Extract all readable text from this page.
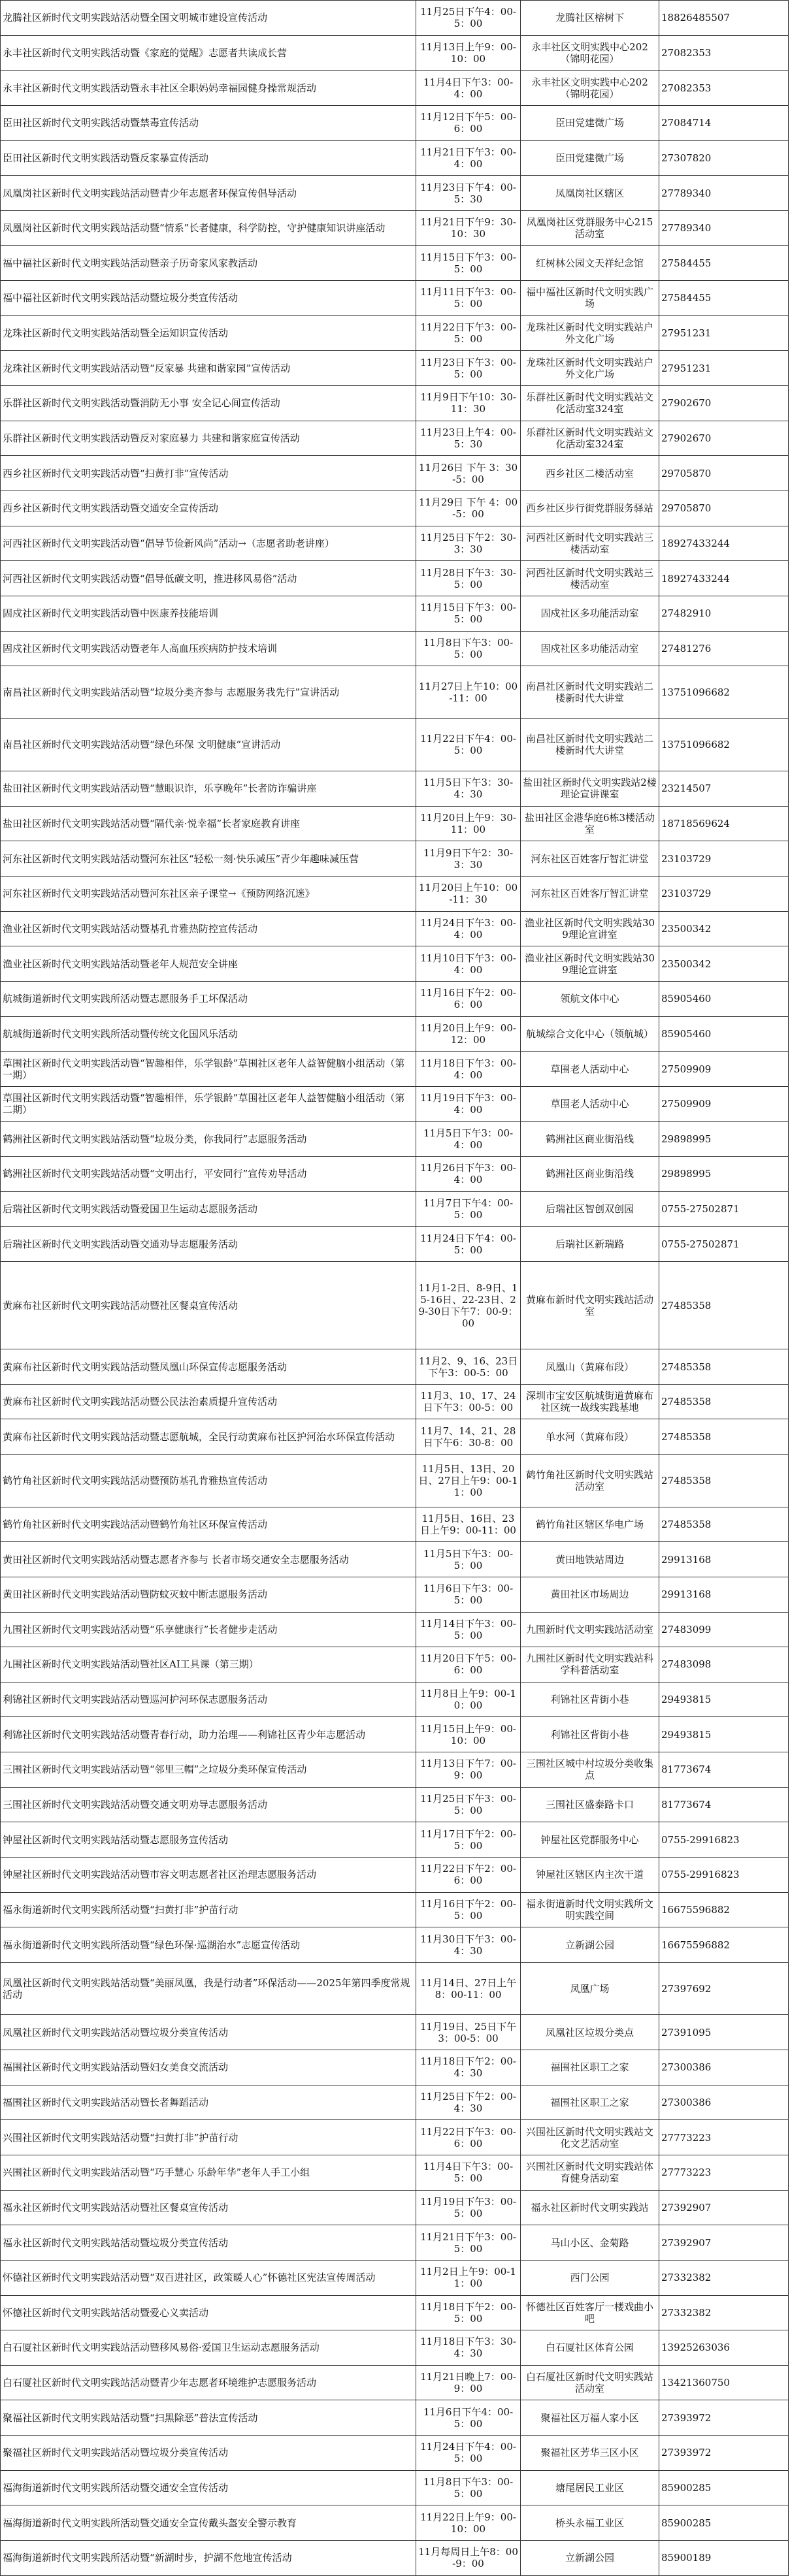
龙腾社区新时代文明实践站活动暨全国文明城市建设宣传活动	11月25日下午4：00-5：00	龙腾社区榕树下	18826485507
永丰社区新时代文明实践活动暨《家庭的觉醒》志愿者共读成长营	11月13日上午9：00-10：00	永丰社区文明实践中心202（锦明花园）	27082353
永丰社区新时代文明实践活动暨永丰社区全职妈妈幸福园健身操常规活动	11月4日下午3：00-4：00	永丰社区文明实践中心202（锦明花园）	27082353
臣田社区新时代文明实践活动暨禁毒宣传活动	11月12日下午5：00-6：00	臣田党建微广场	27084714
臣田社区新时代文明实践活动暨反家暴宣传活动	11月21日下午3：00-4：00	臣田党建微广场	27307820
凤凰岗社区新时代文明实践站活动暨青少年志愿者环保宣传倡导活动	11月23日下午4：00-5：30	凤凰岗社区辖区	27789340
凤凰岗社区新时代文明实践站活动暨“情系”长者健康，科学防控，守护健康知识讲座活动	11月21日下午9：30-10：30	凤凰岗社区党群服务中心215活动室	27789340
福中福社区新时代文明实践站活动暨亲子历奇家风家教活动	11月15日下午3：00-5：00	红树林公园文天祥纪念馆	27584455
福中福社区新时代文明实践站活动暨垃圾分类宣传活动	11月11日下午3：00-5：00	福中福社区新时代文明实践广场	27584455
龙珠社区新时代文明实践站活动暨全运知识宣传活动	11月22日下午3：00-5：00	龙珠社区新时代文明实践站户外文化广场	27951231
龙珠社区新时代文明实践站活动暨“反家暴 共建和谐家园”宣传活动	11月23日下午3：00-5：00	龙珠社区新时代文明实践站户外文化广场	27951231
乐群社区新时代文明实践活动暨消防无小事 安全记心间宣传活动	11月9日下午10：30-11：30	乐群社区新时代文明实践站文化活动室324室	27902670
乐群社区新时代文明实践活动暨反对家庭暴力 共建和谐家庭宣传活动	11月23日上午4：00-5：30	乐群社区新时代文明实践站文化活动室324室	27902670
西乡社区新时代文明实践活动暨“扫黄打非”宣传活动	11月26日 下午 3：30-5：00	西乡社区二楼活动室	29705870
西乡社区新时代文明实践活动暨交通安全宣传活动	11月29日 下午 4：00-5：00	西乡社区步行街党群服务驿站	29705870
河西社区新时代文明实践活动暨“倡导节俭新风尚”活动→（志愿者助老讲座）	11月25日下午2：30-3：30	河西社区新时代文明实践站三楼活动室	18927433244
河西社区新时代文明实践活动暨“倡导低碳文明，推进移风易俗”活动	11月28日下午3：30-5：00	河西社区新时代文明实践站三楼活动室	18927433244
固戍社区新时代文明实践活动暨中医康养技能培训	11月15日下午3：00-5：00	固戍社区多功能活动室	27482910
固戍社区新时代文明实践活动暨老年人高血压疾病防护技术培训	11月8日下午3：00-5：00	固戍社区多功能活动室	27481276
南昌社区新时代文明实践站活动暨“垃圾分类齐参与 志愿服务我先行”宣讲活动	11月27日上午10：00-11：00	南昌社区新时代文明实践站二楼新时代大讲堂	13751096682
南昌社区新时代文明实践站活动暨“绿色环保 文明健康”宣讲活动	11月22日下午4：00-5：00	南昌社区新时代文明实践站二楼新时代大讲堂	13751096682
盐田社区新时代文明实践站活动暨“慧眼识诈，乐享晚年”长者防诈骗讲座	11月5日下午3：30-4：30	盐田社区新时代文明实践站2楼理论宣讲课室	23214507
盐田社区新时代文明实践站活动暨“隔代亲·悦幸福”长者家庭教育讲座	11月20日上午9：30-11：00	盐田社区金港华庭6栋3楼活动室	18718569624
河东社区新时代文明实践站活动暨河东社区“轻松一刻·快乐减压”青少年趣味减压营	11月9日下午2：30-3：30	河东社区百姓客厅智汇讲堂	23103729
河东社区新时代文明实践站活动暨河东社区亲子课堂→《预防网络沉迷》	11月20日上午10：00-11：30	河东社区百姓客厅智汇讲堂	23103729
渔业社区新时代文明实践站活动暨基孔肯雅热防控宣传活动	11月24日下午3：00-4：00	渔业社区新时代文明实践站309理论宣讲室	23500342
渔业社区新时代文明实践站活动暨老年人规范安全讲座	11月10日下午3：00-4：00	渔业社区新时代文明实践站309理论宣讲室	23500342
航城街道新时代文明实践所活动暨志愿服务手工坏保活动	11月16日下午2：00-6：00	领航文体中心	85905460
航城街道新时代文明实践所活动暨传统文化国风乐活动	11月20日上午9：00-12：00	航城综合文化中心（领航城）	85905460
草围社区新时代文明实践活动暨“智趣相伴，乐学银龄”草围社区老年人益智健脑小组活动（第一期）	11月18日下午3：00-4：00	草围老人活动中心	27509909
草围社区新时代文明实践活动暨“智趣相伴，乐学银龄”草围社区老年人益智健脑小组活动（第二期）	11月19日下午3：00-4：00	草围老人活动中心	27509909
鹤洲社区新时代文明实践站活动暨“垃圾分类，你我同行”志愿服务活动	11月5日下午3：00-4：00	鹤洲社区商业街沿线	29898995
鹤洲社区新时代文明实践站活动暨“文明出行，平安同行”宣传劝导活动	11月26日下午3：00-4：00	鹤洲社区商业街沿线	29898995
后瑞社区新时代文明实践活动暨爱国卫生运动志愿服务活动	11月7日下午4：00-5：00	后瑞社区智创双创园	0755-27502871
后瑞社区新时代文明实践活动暨交通劝导志愿服务活动	11月24日下午4：00-5：00	后瑞社区新瑞路	0755-27502871
黄麻布社区新时代文明实践站活动暨社区餐桌宣传活动	11月1-2日、8-9日、15-16日、22-23日、29-30日下午7：00-9：00	黄麻布新时代文明实践站活动室	27485358
黄麻布社区新时代文明实践站活动暨凤凰山环保宣传志愿服务活动	11月2、9、16、23日下午3：00-5：00	凤凰山（黄麻布段）	27485358
黄麻布社区新时代文明实践站活动暨公民法治素质提升宣传活动	11月3、10、17、24日下午3：00-5：00	深圳市宝安区航城街道黄麻布社区统一战线实践基地	27485358
黄麻布社区新时代文明实践站活动暨志愿航城，全民行动黄麻布社区护河治水环保宣传活动	11月7、14、21、28日下午6：30-8：00	单水河（黄麻布段）	27485358
鹤竹角社区新时代文明实践站活动暨预防基孔肯雅热宣传活动	11月5日、13日、20日、27日上午9：00-11：00	鹤竹角社区新时代文明实践站活动室	27485358
鹤竹角社区新时代文明实践站活动暨鹤竹角社区环保宣传活动	11月5日、16日、23日上午9：00-11：00	鹤竹角社区辖区华电广场	27485358
黄田社区新时代文明实践站活动暨志愿者齐参与 长者市场交通安全志愿服务活动	11月5日下午3：00-5：00	黄田地铁站周边	29913168
黄田社区新时代文明实践站活动暨防蚊灭蚊中断志愿服务活动	11月6日下午3：00-5：00	黄田社区市场周边	29913168
九围社区新时代文明实践站活动暨“乐享健康行”长者健步走活动	11月14日下午3：00-5：00	九围新时代文明实践站活动室	27483099
九围社区新时代文明实践站活动暨社区AI工具课（第三期）	11月20日下午5：00-6：00	九围社区新时代文明实践站科学科普活动室	27483098
利锦社区新时代文明实践站活动暨巡河护河环保志愿服务活动	11月8日上午9：00-10：00	利锦社区背街小巷	29493815
利锦社区新时代文明实践站活动暨青春行动，助力治理——利锦社区青少年志愿活动	11月15日上午9：00-10：00	利锦社区背街小巷	29493815
三围社区新时代文明实践站活动暨“邻里三帽”之垃圾分类环保宣传活动	11月13日下午7：00-9：00	三围社区城中村垃圾分类收集点	81773674
三围社区新时代文明实践站活动暨交通文明劝导志愿服务活动	11月25日下午3：00-5：00	三围社区盛泰路卡口	81773674
钟屋社区新时代文明实践站活动暨志愿服务宣传活动	11月17日下午2：00-5：00	钟屋社区党群服务中心	0755-29916823
钟屋社区新时代文明实践站活动暨市容文明志愿者社区治理志愿服务活动	11月22日下午2：00-6：00	钟屋社区辖区内主次干道	0755-29916823
福永街道新时代文明实践所活动暨“扫黄打非”护苗行动	11月16日下午2：00-5：00	福永街道新时代文明实践所文明实践空间	16675596882
福永街道新时代文明实践所活动暨“绿色环保·巡湖治水”志愿宣传活动	11月30日下午3：00-4：30	立新湖公园	16675596882
凤凰社区新时代文明实践站活动暨“美丽凤凰，我是行动者”环保活动——2025年第四季度常规活动	11月14日、27日上午8：00-11：00	凤凰广场	27397692
凤凰社区新时代文明实践站活动暨垃圾分类宣传活动	11月19日、25日下午3：00-5：00	凤凰社区垃圾分类点	27391095
福围社区新时代文明实践站活动暨妇女美食交流活动	11月18日下午2：00-4：30	福围社区职工之家	27300386
福围社区新时代文明实践站活动暨长者舞蹈活动	11月25日下午2：00-4：30	福围社区职工之家	27300386
兴围社区新时代文明实践站活动暨“扫黄打非”护苗行动	11月22日下午3：00-6：00	兴围社区新时代文明实践站文化文艺活动室	27773223
兴围社区新时代文明实践站活动暨“巧手慧心 乐龄年华”老年人手工小组	11月4日下午3：00-5：00	兴围社区新时代文明实践站体育健身活动室	27773223
福永社区新时代文明实践站活动暨社区餐桌宣传活动	11月19日下午3：00-5：00	福永社区新时代文明实践站	27392907
福永社区新时代文明实践站活动暨垃圾分类宣传活动	11月21日下午3：00-5：00	马山小区、金菊路	27392907
怀德社区新时代文明实践站活动暨“双百进社区，政策暖人心”怀德社区宪法宣传周活动	11月2日上午9：00-11：00	西门公园	27332382
怀德社区新时代文明实践站活动暨爱心义卖活动	11月18日下午2：00-5：00	怀德社区百姓客厅一楼戏曲小吧	27332382
白石厦社区新时代文明实践站活动暨移风易俗·爱国卫生运动志愿服务活动	11月18日下午3：30-4：30	白石厦社区体育公园	13925263036
白石厦社区新时代文明实践站活动暨青少年志愿者环境维护志愿服务活动	11月21日晚上7：00-9：00	白石厦社区新时代文明实践站活动室	13421360750
聚福社区新时代文明实践站活动暨“扫黑除恶”普法宣传活动	11月6日下午4：00-5：00	聚福社区万福人家小区	27393972
聚福社区新时代文明实践站活动暨垃圾分类宣传活动	11月24日下午4：00-5：00	聚福社区芳华三区小区	27393972
福海街道新时代文明实践所活动暨交通安全宣传活动	11月8日下午3：00-5：00	塘尾居民工业区	85900285
福海街道新时代文明实践所活动暨交通安全宣传戴头盔安全警示教育	11月22日上午9：00-10：00	桥头永福工业区	85900285
福海街道新时代文明实践所活动暨“新湖时步，护湖不危地宣传活动	11月每周日上午8：00-9：00	立新湖公园	85900189
